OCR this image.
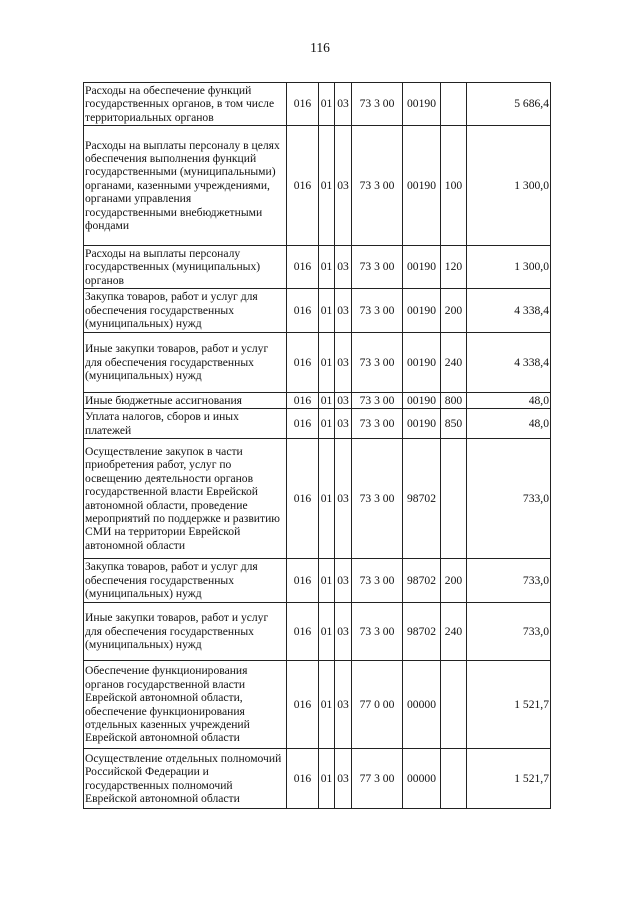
116
Расходы на обеспечение функций государственных органов, в том числе территориальных органов	016	01	03	73 3 00	00190		5 686,4
Расходы на выплаты персоналу в целях обеспечения выполнения функций государственными (муниципальными) органами, казенными учреждениями, органами управления государственными внебюджетными фондами	016	01	03	73 3 00	00190	100	1 300,0
Расходы на выплаты персоналу государственных (муниципальных) органов	016	01	03	73 3 00	00190	120	1 300,0
Закупка товаров, работ и услуг для обеспечения государственных (муниципальных) нужд	016	01	03	73 3 00	00190	200	4 338,4
Иные закупки товаров, работ и услуг для обеспечения государственных (муниципальных) нужд	016	01	03	73 3 00	00190	240	4 338,4
Иные бюджетные ассигнования	016	01	03	73 3 00	00190	800	48,0
Уплата налогов, сборов и иных платежей	016	01	03	73 3 00	00190	850	48,0
Осуществление закупок в части приобретения работ, услуг по освещению деятельности органов государственной власти Еврейской автономной области, проведение мероприятий по поддержке и развитию СМИ на территории Еврейской автономной области	016	01	03	73 3 00	98702		733,0
Закупка товаров, работ и услуг для обеспечения государственных (муниципальных) нужд	016	01	03	73 3 00	98702	200	733,0
Иные закупки товаров, работ и услуг для обеспечения государственных (муниципальных) нужд	016	01	03	73 3 00	98702	240	733,0
Обеспечение функционирования органов государственной власти Еврейской автономной области, обеспечение функционирования отдельных казенных учреждений Еврейской автономной области	016	01	03	77 0 00	00000		1 521,7
Осуществление отдельных полномочий Российской Федерации и государственных полномочий Еврейской автономной области	016	01	03	77 3 00	00000		1 521,7
